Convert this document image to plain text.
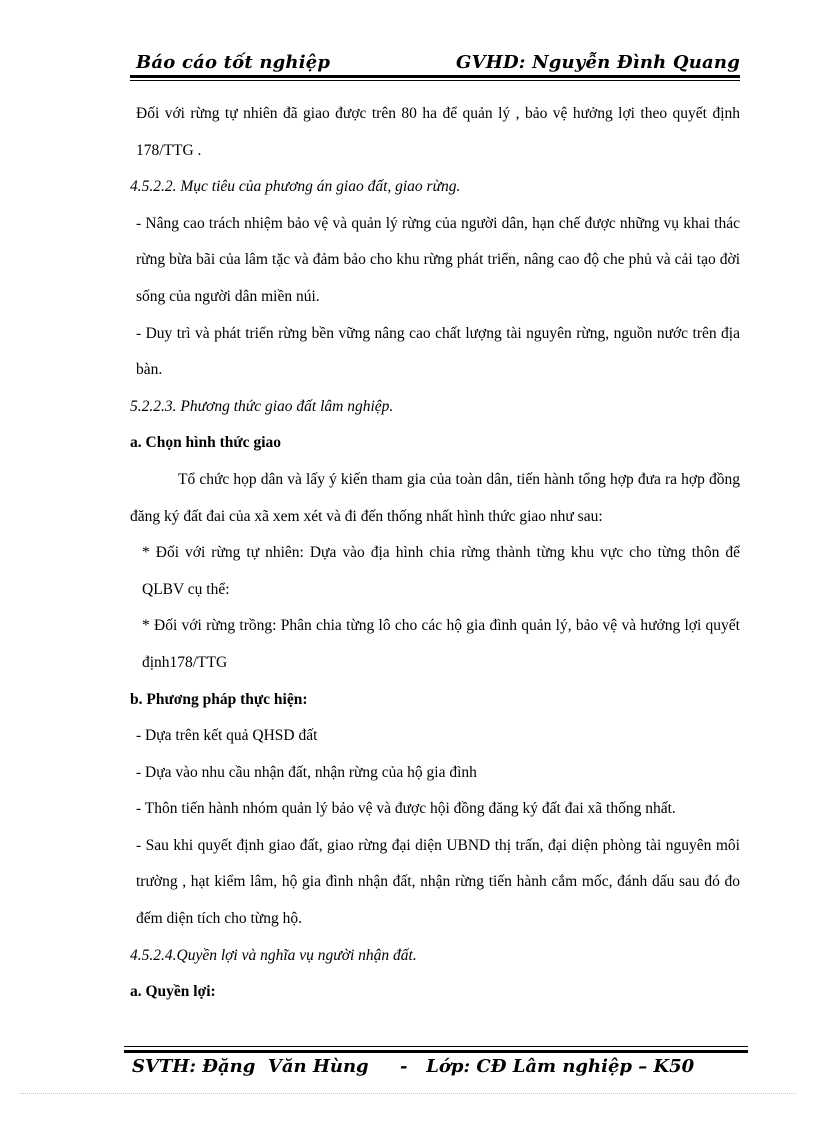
Báo cáo tốt nghiệp	GVHD: Nguyễn Đình Quang

Đối với rừng tự nhiên đã giao được trên 80 ha để quản lý , bảo vệ hưởng lợi theo quyết định 178/TTG .

4.5.2.2. Mục tiêu của phương án giao đất, giao rừng.

- Nâng cao trách nhiệm bảo vệ và quản lý rừng của người dân, hạn chế được những vụ khai thác rừng bừa bãi của lâm tặc và đảm bảo cho khu rừng phát triển, nâng cao độ che phủ và cải tạo đời sống của người dân miền núi.

- Duy trì và phát triển rừng bền vững nâng cao chất lượng tài nguyên rừng, nguồn nước trên địa bàn.

5.2.2.3. Phương thức giao đất lâm nghiệp.

a. Chọn hình thức giao

Tổ chức họp dân và lấy ý kiến tham gia của toàn dân, tiến hành tổng hợp đưa ra hợp đồng đăng ký đất đai của xã xem xét và đi đến thống nhất hình thức giao như sau:

* Đối với rừng tự nhiên: Dựa vào địa hình chia rừng thành từng khu vực cho từng thôn để QLBV cụ thể:

* Đối với rừng trồng: Phân chia từng lô cho các hộ gia đình quản lý, bảo vệ và hưởng lợi quyết định178/TTG

b. Phương pháp thực hiện:

- Dựa trên kết quả QHSD đất

- Dựa vào nhu cầu nhận đất, nhận rừng của hộ gia đình

- Thôn tiến hành nhóm quản lý bảo vệ và được hội đồng đăng ký đất đai xã thống nhất.

- Sau khi quyết định giao đất, giao rừng đại diện UBND thị trấn, đại diện phòng tài nguyên môi trường , hạt kiểm lâm, hộ gia đình nhận đất, nhận rừng tiến hành cắm mốc, đánh dấu sau đó đo đếm diện tích cho từng hộ.

4.5.2.4.Quyền lợi và nghĩa vụ người nhận đất.

a. Quyền lợi:

SVTH: Đặng  Văn Hùng     -   Lớp: CĐ Lâm nghiệp – K50
